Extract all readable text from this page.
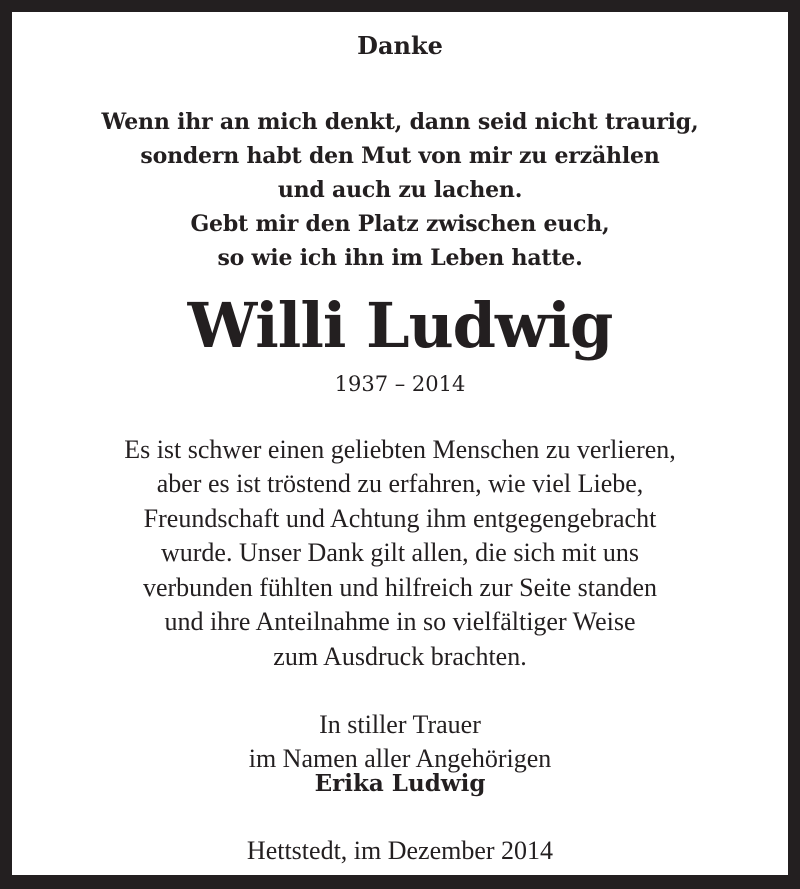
Danke
Wenn ihr an mich denkt, dann seid nicht traurig,
sondern habt den Mut von mir zu erzählen
und auch zu lachen.
Gebt mir den Platz zwischen euch,
so wie ich ihn im Leben hatte.
Willi Ludwig
1937 – 2014
Es ist schwer einen geliebten Menschen zu verlieren,
aber es ist tröstend zu erfahren, wie viel Liebe,
Freundschaft und Achtung ihm entgegengebracht
wurde. Unser Dank gilt allen, die sich mit uns
verbunden fühlten und hilfreich zur Seite standen
und ihre Anteilnahme in so vielfältiger Weise
zum Ausdruck brachten.
In stiller Trauer
im Namen aller Angehörigen
Erika Ludwig
Hettstedt, im Dezember 2014
